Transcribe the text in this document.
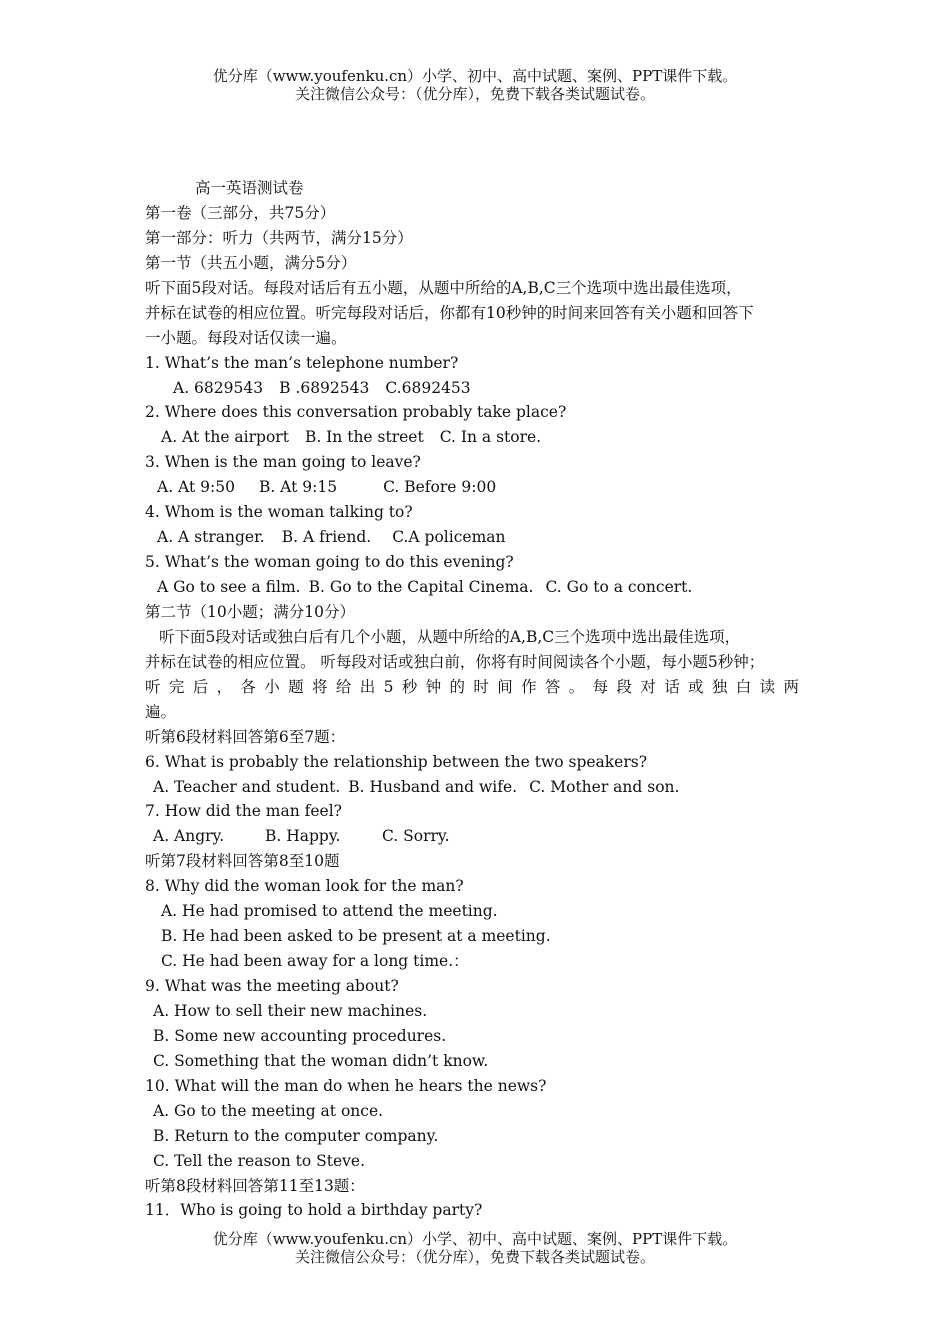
优分库（www.youfenku.cn）小学、初中、高中试题、案例、PPT课件下载。
关注微信公众号：（优分库），免费下载各类试题试卷。
高一英语测试卷
第一卷（三部分，共75分）
第一部分：听力（共两节，满分15分）
第一节（共五小题，满分5分）
听下面5段对话。每段对话后有五小题，从题中所给的A,B,C三个选项中选出最佳选项，
并标在试卷的相应位置。听完每段对话后，你都有10秒钟的时间来回答有关小题和回答下
一小题。每段对话仅读一遍。
1. What’s the man’s telephone number?
A. 6829543 B .6892543 C.6892453
2. Where does this conversation probably take place?
A. At the airport B. In the street C. In a store.
3. When is the man going to leave?
A. At 9:50 B. At 9:15	C. Before 9:00
4. Whom is the woman talking to?
A. A stranger. B. A friend. C.A policeman
5. What’s the woman going to do this evening?
A Go to see a film. B. Go to the Capital Cinema. C. Go to a concert.
第二节（10小题；满分10分）
听下面5段对话或独白后有几个小题，从题中所给的A,B,C三个选项中选出最佳选项，
并标在试卷的相应位置。 听每段对话或独白前，你将有时间阅读各个小题，每小题5秒钟；
听完后，各小题将给出5秒钟的时间作答。每段对话或独白读两
遍。
听第6段材料回答第6至7题：
6. What is probably the relationship between the two speakers?
A. Teacher and student. B. Husband and wife. C. Mother and son.
7. How did the man feel?
A. Angry.	B. Happy.	C. Sorry.
听第7段材料回答第8至10题
8. Why did the woman look for the man?
A. He had promised to attend the meeting.
B. He had been asked to be present at a meeting.
C. He had been away for a long time.：
9. What was the meeting about?
A. How to sell their new machines.
B. Some new accounting procedures.
C. Something that the woman didn’t know.
10. What will the man do when he hears the news?
A. Go to the meeting at once.
B. Return to the computer company.
C. Tell the reason to Steve.
听第8段材料回答第11至13题：
11．Who is going to hold a birthday party?
优分库（www.youfenku.cn）小学、初中、高中试题、案例、PPT课件下载。
关注微信公众号：（优分库），免费下载各类试题试卷。
